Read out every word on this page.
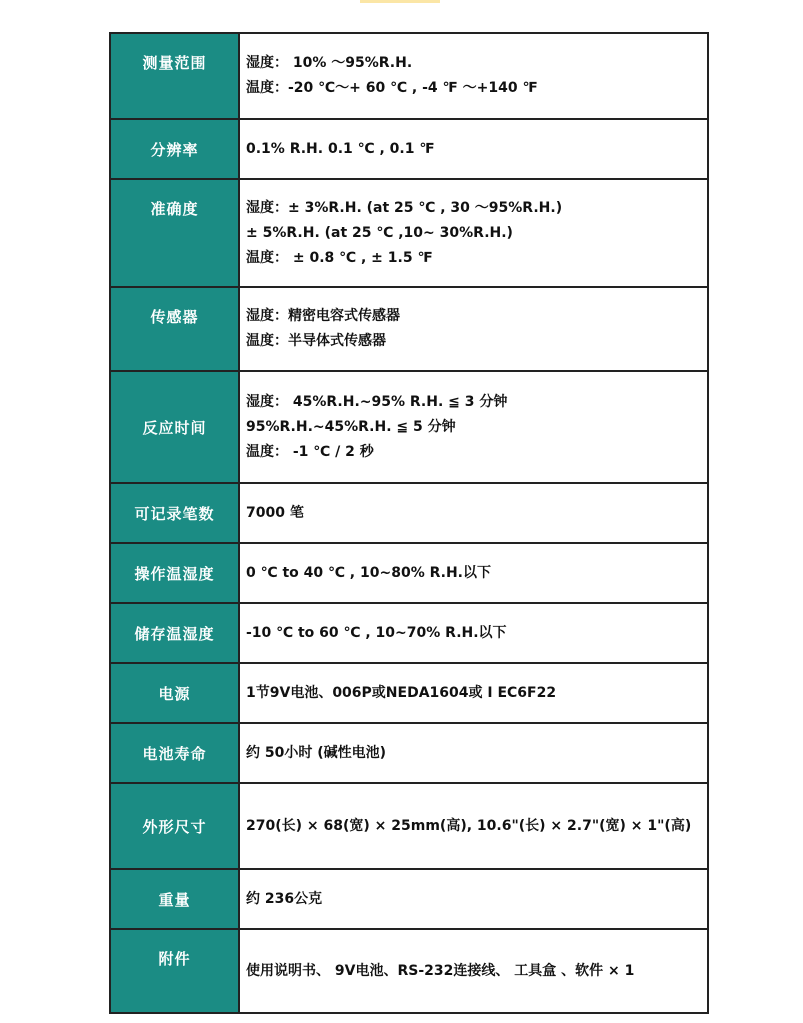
测量范围	湿度： 10% ～95%R.H.
温度：-20 ℃～+ 60 ℃ , -4 ℉ ～+140 ℉

分辨率	0.1% R.H. 0.1 ℃ , 0.1 ℉

准确度	湿度：± 3%R.H. (at 25 ℃ , 30 ～95%R.H.)
± 5%R.H. (at 25 ℃ ,10~ 30%R.H.)
温度： ± 0.8 ℃ , ± 1.5 ℉

传感器	湿度：精密电容式传感器
温度：半导体式传感器

反应时间	湿度： 45%R.H.~95% R.H. ≦ 3 分钟
95%R.H.~45%R.H. ≦ 5 分钟
温度： -1 ℃ / 2 秒

可记录笔数	7000 笔

操作温湿度	0 ℃ to 40 ℃ , 10~80% R.H.以下

储存温湿度	-10 ℃ to 60 ℃ , 10~70% R.H.以下

电源	1节9V电池、006P或NEDA1604或 I EC6F22

电池寿命	约 50小时 (碱性电池)

外形尺寸	270(长) × 68(宽) × 25mm(高), 10.6"(长) × 2.7"(宽) × 1"(高)

重量	约 236公克

附件	使用说明书、 9V电池、RS-232连接线、 工具盒 、软件 × 1
